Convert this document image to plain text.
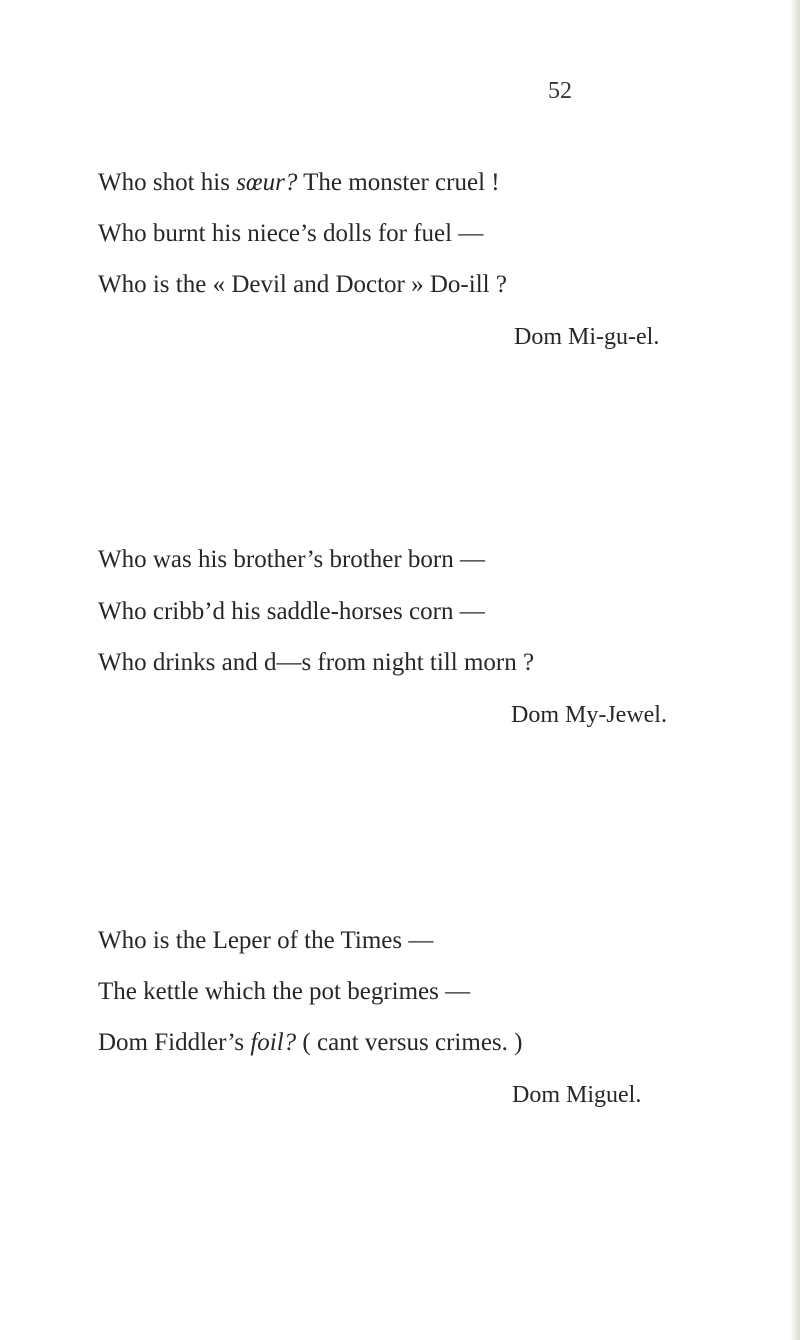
52
Who shot his sœur? The monster cruel !
Who burnt his niece’s dolls for fuel —
Who is the « Devil and Doctor » Do-ill ?
Dom Mi-gu-el.
Who was his brother’s brother born —
Who cribb’d his saddle-horses corn —
Who drinks and d—s from night till morn ?
Dom My-Jewel.
Who is the Leper of the Times —
The kettle which the pot begrimes —
Dom Fiddler’s foil? ( cant versus crimes. )
Dom Miguel.
